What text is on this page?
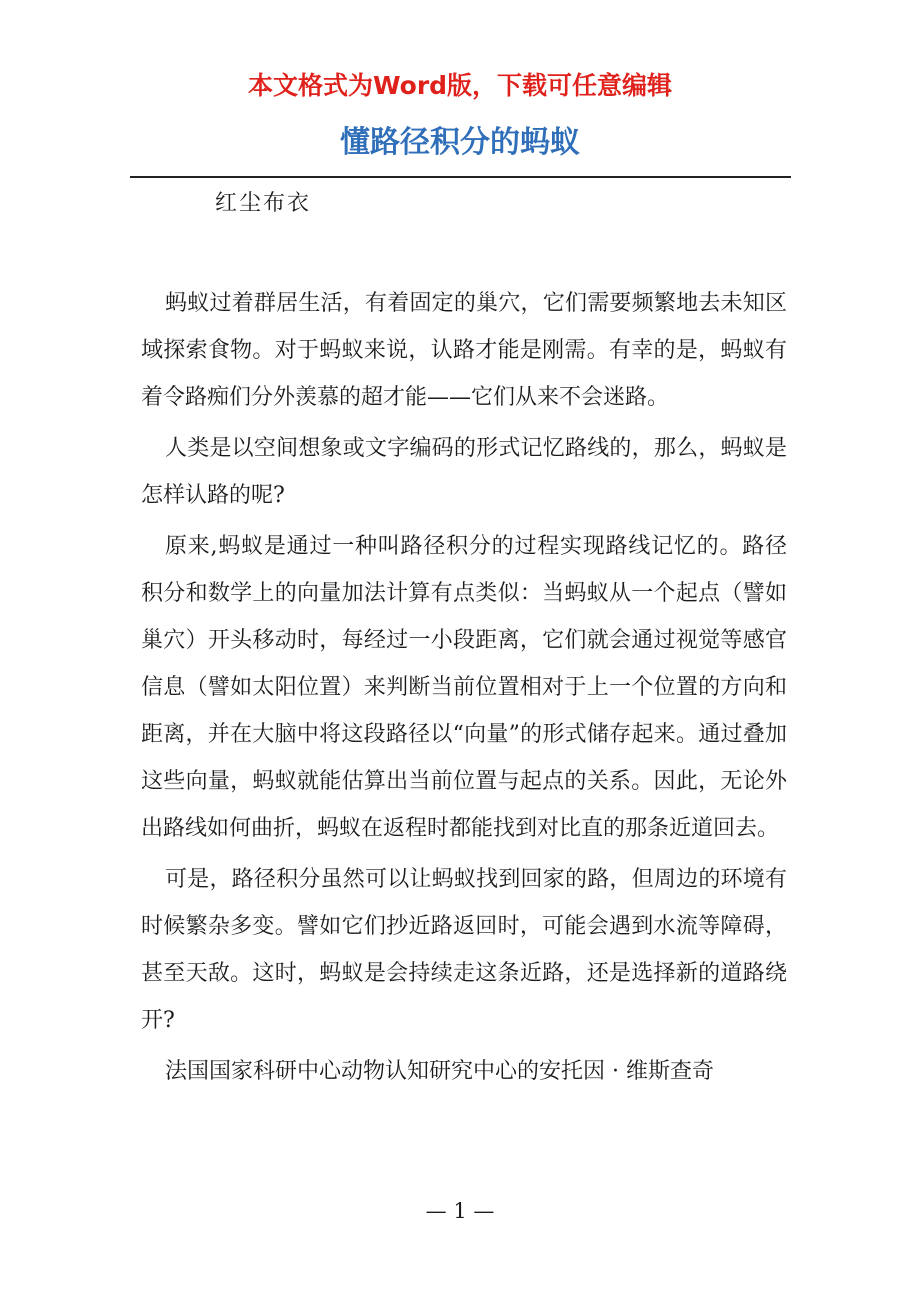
本文格式为Word版，下载可任意编辑
懂路径积分的蚂蚁
红尘布衣

蚂蚁过着群居生活，有着固定的巢穴，它们需要频繁地去未知区域探索食物。对于蚂蚁来说，认路才能是刚需。有幸的是，蚂蚁有着令路痴们分外羡慕的超才能——它们从来不会迷路。

人类是以空间想象或文字编码的形式记忆路线的，那么，蚂蚁是怎样认路的呢?

原来,蚂蚁是通过一种叫路径积分的过程实现路线记忆的。路径积分和数学上的向量加法计算有点类似：当蚂蚁从一个起点（譬如巢穴）开头移动时，每经过一小段距离，它们就会通过视觉等感官信息（譬如太阳位置）来判断当前位置相对于上一个位置的方向和距离，并在大脑中将这段路径以“向量”的形式储存起来。通过叠加这些向量，蚂蚁就能估算出当前位置与起点的关系。因此，无论外出路线如何曲折，蚂蚁在返程时都能找到对比直的那条近道回去。

可是，路径积分虽然可以让蚂蚁找到回家的路，但周边的环境有时候繁杂多变。譬如它们抄近路返回时，可能会遇到水流等障碍，甚至天敌。这时，蚂蚁是会持续走这条近路，还是选择新的道路绕开?

法国国家科研中心动物认知研究中心的安托因 · 维斯查奇

— 1 —
